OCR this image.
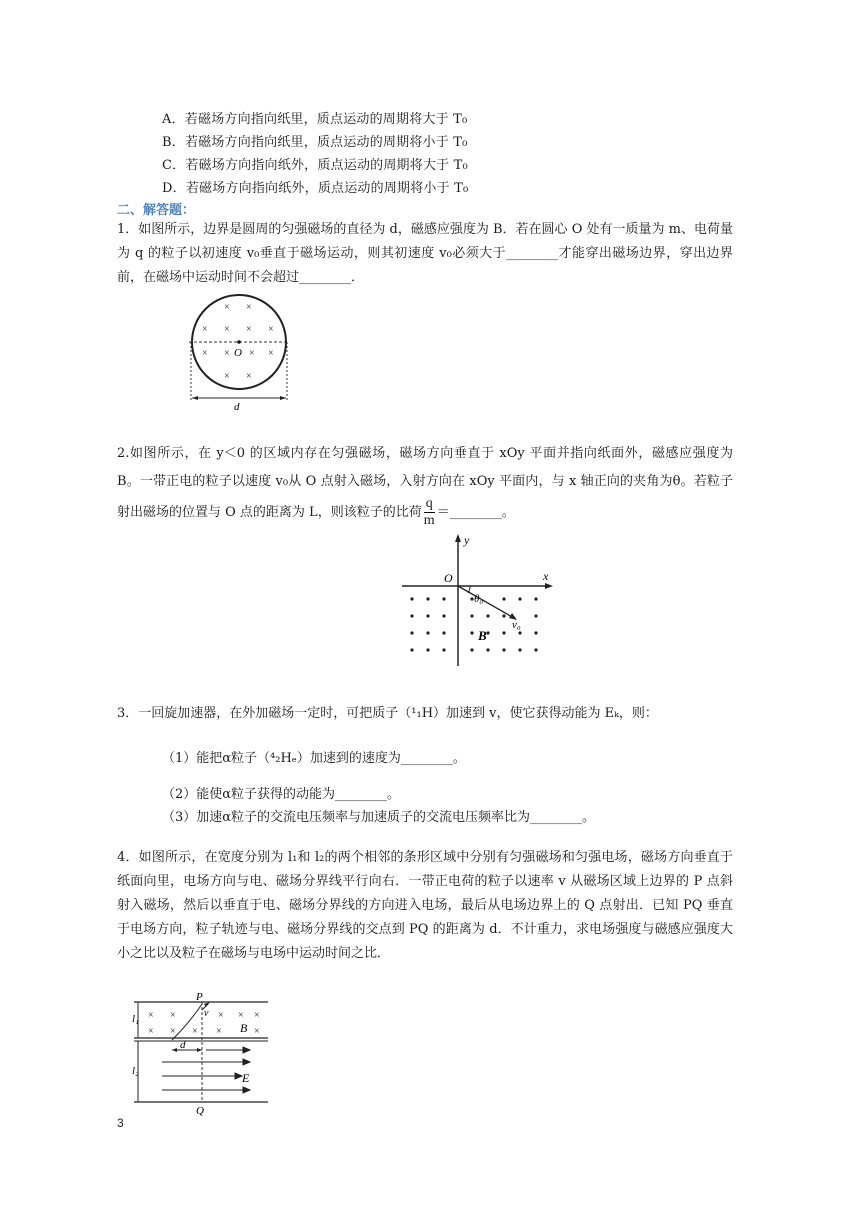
A．若磁场方向指向纸里，质点运动的周期将大于 T₀
B．若磁场方向指向纸里，质点运动的周期将小于 T₀
C．若磁场方向指向纸外，质点运动的周期将大于 T₀
D．若磁场方向指向纸外，质点运动的周期将小于 T₀
二、解答题：
1．如图所示，边界是圆周的匀强磁场的直径为 d，磁感应强度为 B．若在圆心 O 处有一质量为 m、电荷量为 q 的粒子以初速度 v₀垂直于磁场运动，则其初速度 v₀必须大于________才能穿出磁场边界，穿出边界前，在磁场中运动时间不会超过________．
× ×
× × × ×
× × × ×
× ×
O
d
2.如图所示，在 y＜0 的区域内存在匀强磁场，磁场方向垂直于 xOy 平面并指向纸面外，磁感应强度为 B。一带正电的粒子以速度 v₀从 O 点射入磁场，入射方向在 xOy 平面内，与 x 轴正向的夹角为θ。若粒子射出磁场的位置与 O 点的距离为 L，则该粒子的比荷 $\frac{q}{m}$ ＝________。
y
x
O
θ₀
v₀
B
3．一回旋加速器，在外加磁场一定时，可把质子（¹₁H）加速到 v，使它获得动能为 Eₖ，则：
（1）能把α粒子（⁴₂Hₑ）加速到的速度为________。
（2）能使α粒子获得的动能为________。
（3）加速α粒子的交流电压频率与加速质子的交流电压频率比为________。
4．如图所示，在宽度分别为 l₁和 l₂的两个相邻的条形区域中分别有匀强磁场和匀强电场，磁场方向垂直于纸面向里，电场方向与电、磁场分界线平行向右．一带正电荷的粒子以速率 v 从磁场区域上边界的 P 点斜射入磁场，然后以垂直于电、磁场分界线的方向进入电场，最后从电场边界上的 Q 点射出．已知 PQ 垂直于电场方向，粒子轨迹与电、磁场分界线的交点到 PQ 的距离为 d．不计重力，求电场强度与磁感应强度大小之比以及粒子在磁场与电场中运动时间之比．
l₁
l₂
P
Q
× ×	× × ×
× × × ×	×
B
v
d
E
3
